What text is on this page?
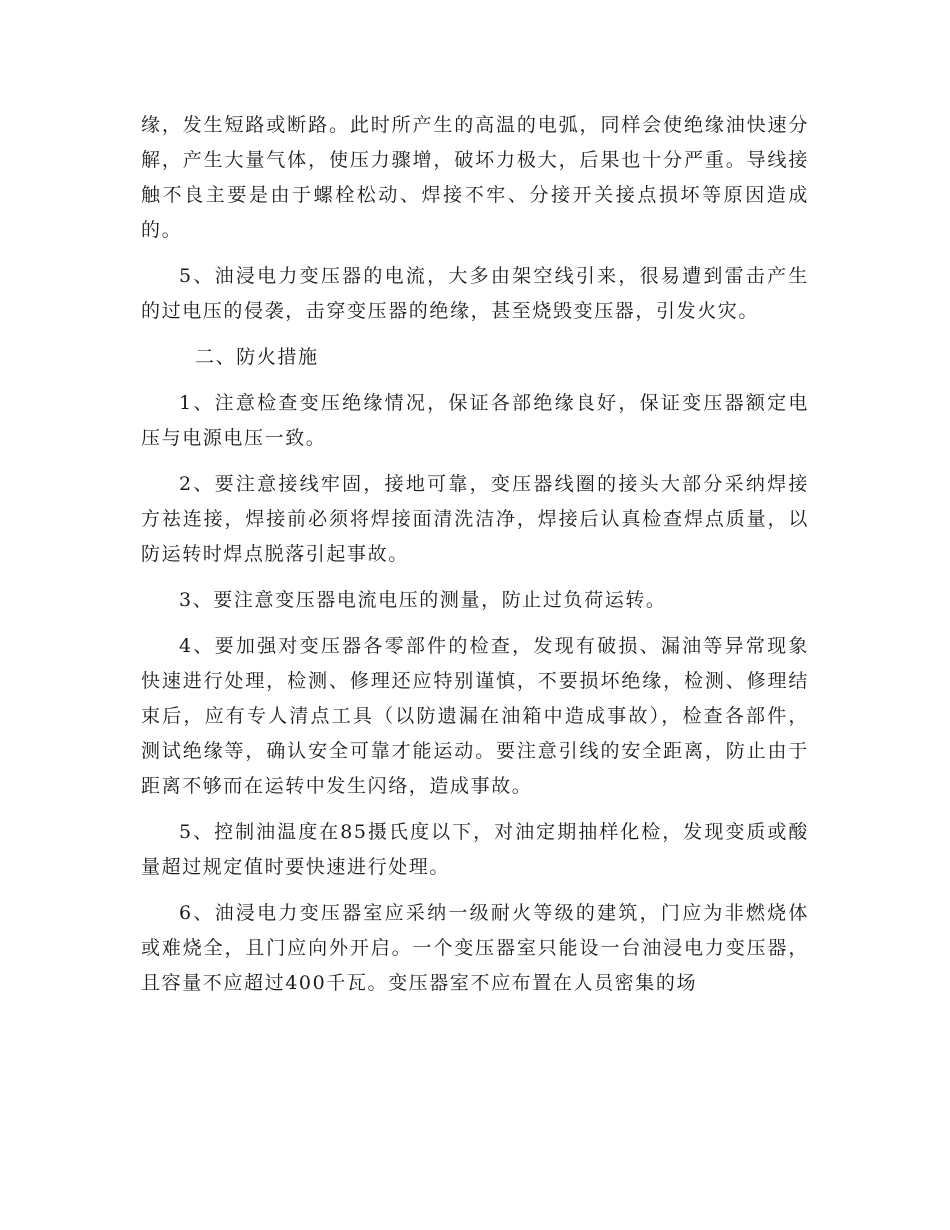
缘，发生短路或断路。此时所产生的高温的电弧，同样会使绝缘油快速分解，产生大量气体，使压力骤增，破坏力极大，后果也十分严重。导线接触不良主要是由于螺栓松动、焊接不牢、分接开关接点损坏等原因造成的。

5、油浸电力变压器的电流，大多由架空线引来，很易遭到雷击产生的过电压的侵袭，击穿变压器的绝缘，甚至烧毁变压器，引发火灾。

二、防火措施

1、注意检查变压绝缘情况，保证各部绝缘良好，保证变压器额定电压与电源电压一致。

2、要注意接线牢固，接地可靠，变压器线圈的接头大部分采纳焊接方祛连接，焊接前必须将焊接面清洗洁净，焊接后认真检查焊点质量，以防运转时焊点脱落引起事故。

3、要注意变压器电流电压的测量，防止过负荷运转。

4、要加强对变压器各零部件的检查，发现有破损、漏油等异常现象快速进行处理，检测、修理还应特别谨慎，不要损坏绝缘，检测、修理结束后，应有专人清点工具（以防遗漏在油箱中造成事故），检查各部件，测试绝缘等，确认安全可靠才能运动。要注意引线的安全距离，防止由于距离不够而在运转中发生闪络，造成事故。

5、控制油温度在85摄氏度以下，对油定期抽样化检，发现变质或酸量超过规定值时要快速进行处理。

6、油浸电力变压器室应采纳一级耐火等级的建筑，门应为非燃烧体或难烧全，且门应向外开启。一个变压器室只能设一台油浸电力变压器，且容量不应超过400千瓦。变压器室不应布置在人员密集的场
